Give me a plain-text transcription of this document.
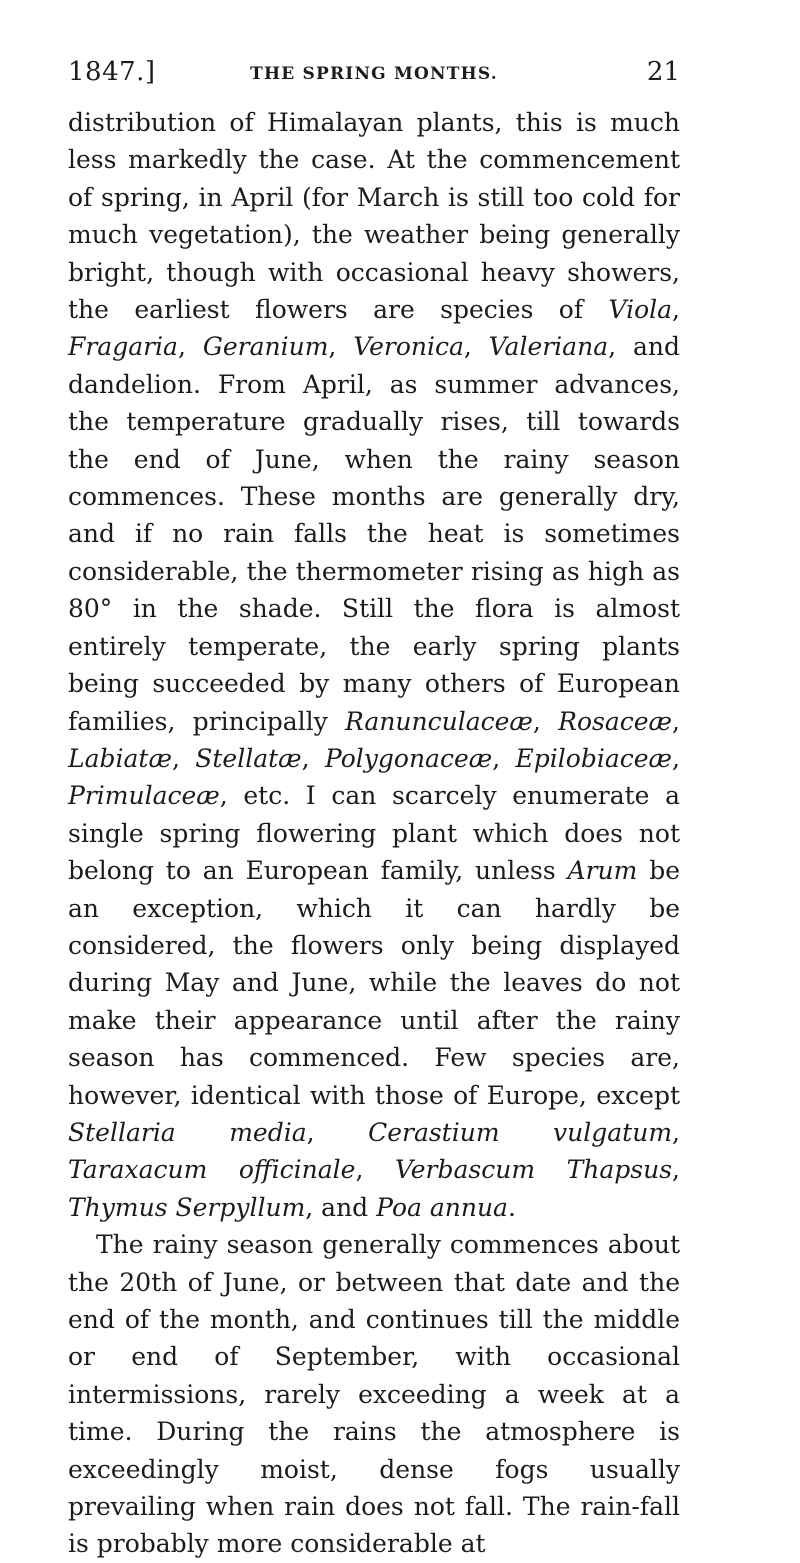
1847.]	THE SPRING MONTHS.	21

distribution of Himalayan plants, this is much less markedly the case. At the commencement of spring, in April (for March is still too cold for much vegetation), the weather being generally bright, though with occasional heavy showers, the earliest flowers are species of Viola, Fragaria, Geranium, Veronica, Valeriana, and dandelion. From April, as summer advances, the temperature gradually rises, till towards the end of June, when the rainy season commences. These months are generally dry, and if no rain falls the heat is sometimes considerable, the thermometer rising as high as 80° in the shade. Still the flora is almost entirely temperate, the early spring plants being succeeded by many others of European families, principally Ranunculaceæ, Rosaceæ, Labiatæ, Stellatæ, Polygonaceæ, Epilobiaceæ, Primulaceæ, etc. I can scarcely enumerate a single spring flowering plant which does not belong to an European family, unless Arum be an exception, which it can hardly be considered, the flowers only being displayed during May and June, while the leaves do not make their appearance until after the rainy season has commenced. Few species are, however, identical with those of Europe, except Stellaria media, Cerastium vulgatum, Taraxacum officinale, Verbascum Thapsus, Thymus Serpyllum, and Poa annua.

The rainy season generally commences about the 20th of June, or between that date and the end of the month, and continues till the middle or end of September, with occasional intermissions, rarely exceeding a week at a time. During the rains the atmosphere is exceedingly moist, dense fogs usually prevailing when rain does not fall. The rain-fall is probably more considerable at
